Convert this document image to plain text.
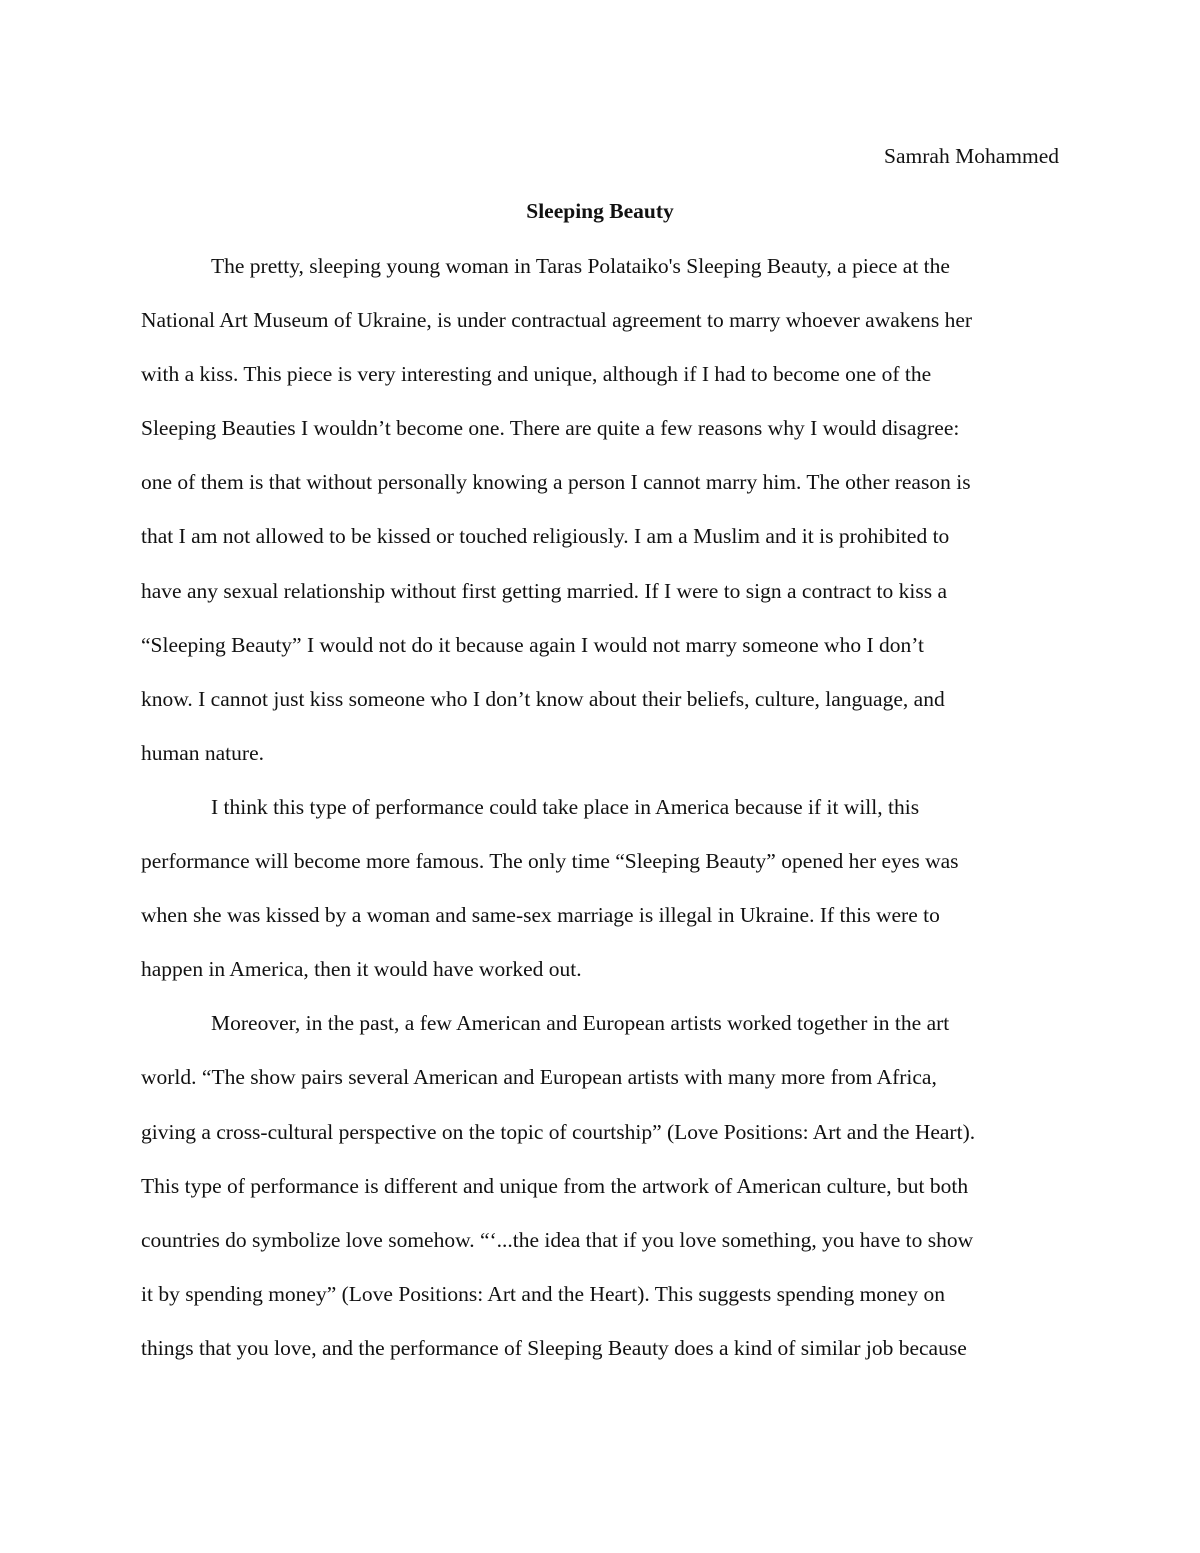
Samrah Mohammed
Sleeping Beauty
The pretty, sleeping young woman in Taras Polataiko's Sleeping Beauty, a piece at the
National Art Museum of Ukraine, is under contractual agreement to marry whoever awakens her
with a kiss. This piece is very interesting and unique, although if I had to become one of the
Sleeping Beauties I wouldn’t become one. There are quite a few reasons why I would disagree:
one of them is that without personally knowing a person I cannot marry him. The other reason is
that I am not allowed to be kissed or touched religiously. I am a Muslim and it is prohibited to
have any sexual relationship without first getting married. If I were to sign a contract to kiss a
“Sleeping Beauty” I would not do it because again I would not marry someone who I don’t
know. I cannot just kiss someone who I don’t know about their beliefs, culture, language, and
human nature.
I think this type of performance could take place in America because if it will, this
performance will become more famous. The only time “Sleeping Beauty” opened her eyes was
when she was kissed by a woman and same-sex marriage is illegal in Ukraine. If this were to
happen in America, then it would have worked out.
Moreover, in the past, a few American and European artists worked together in the art
world. “The show pairs several American and European artists with many more from Africa,
giving a cross-cultural perspective on the topic of courtship” (Love Positions: Art and the Heart).
This type of performance is different and unique from the artwork of American culture, but both
countries do symbolize love somehow. “‘...the idea that if you love something, you have to show
it by spending money” (Love Positions: Art and the Heart). This suggests spending money on
things that you love, and the performance of Sleeping Beauty does a kind of similar job because
